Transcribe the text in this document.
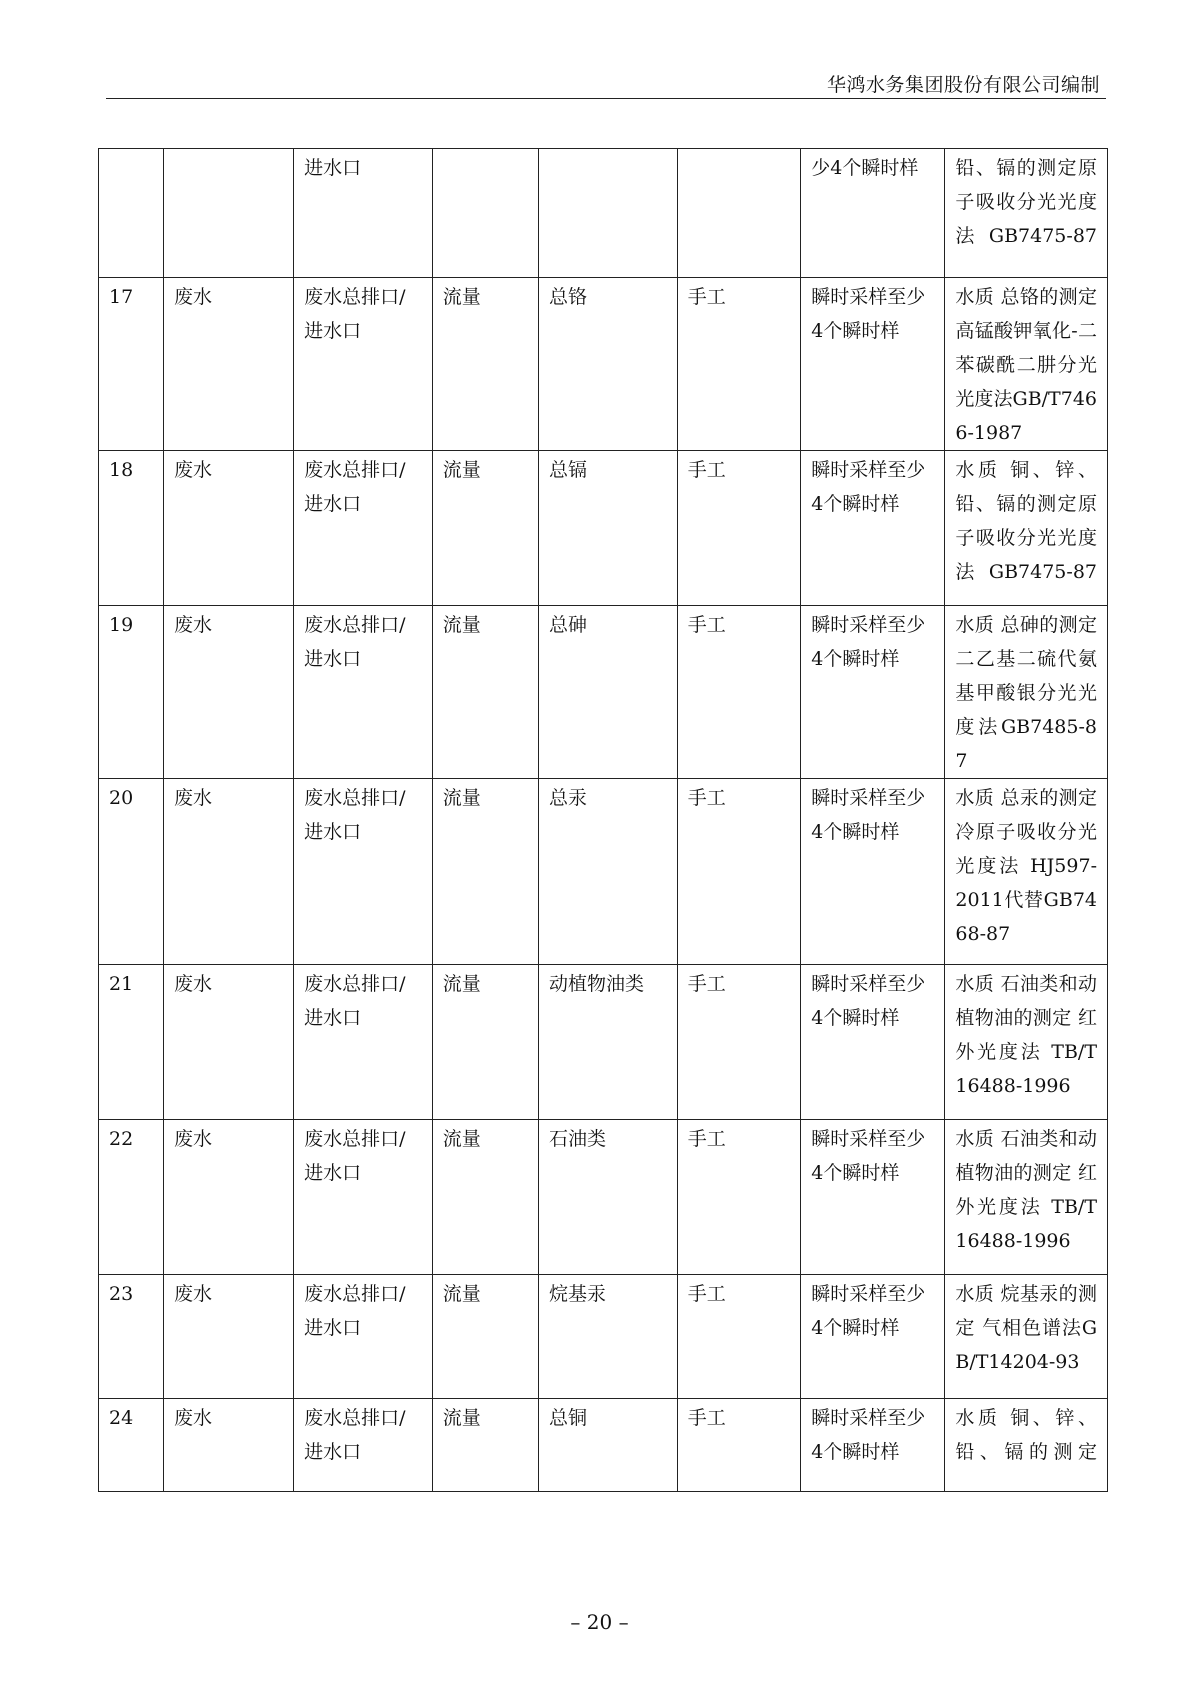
华鸿水务集团股份有限公司编制
		进水口				少4个瞬时样	铅、镉的测定原子吸收分光光度法GB7475-87
17	废水	废水总排口/进水口	流量	总铬	手工	瞬时采样至少4个瞬时样	水质 总铬的测定 高锰酸钾氧化-二苯碳酰二肼分光光度法GB/T7466-1987
18	废水	废水总排口/进水口	流量	总镉	手工	瞬时采样至少4个瞬时样	水质 铜、锌、铅、镉的测定原子吸收分光光度法GB7475-87
19	废水	废水总排口/进水口	流量	总砷	手工	瞬时采样至少4个瞬时样	水质 总砷的测定 二乙基二硫代氨基甲酸银分光光度法GB7485-87
20	废水	废水总排口/进水口	流量	总汞	手工	瞬时采样至少4个瞬时样	水质 总汞的测定 冷原子吸收分光光度法 HJ597-2011代替GB7468-87
21	废水	废水总排口/进水口	流量	动植物油类	手工	瞬时采样至少4个瞬时样	水质 石油类和动植物油的测定 红外光度法 TB/T 16488-1996
22	废水	废水总排口/进水口	流量	石油类	手工	瞬时采样至少4个瞬时样	水质 石油类和动植物油的测定 红外光度法 TB/T 16488-1996
23	废水	废水总排口/进水口	流量	烷基汞	手工	瞬时采样至少4个瞬时样	水质 烷基汞的测定 气相色谱法GB/T14204-93
24	废水	废水总排口/进水口	流量	总铜	手工	瞬时采样至少4个瞬时样	水质 铜、锌、铅、镉的测定
– 20 –
